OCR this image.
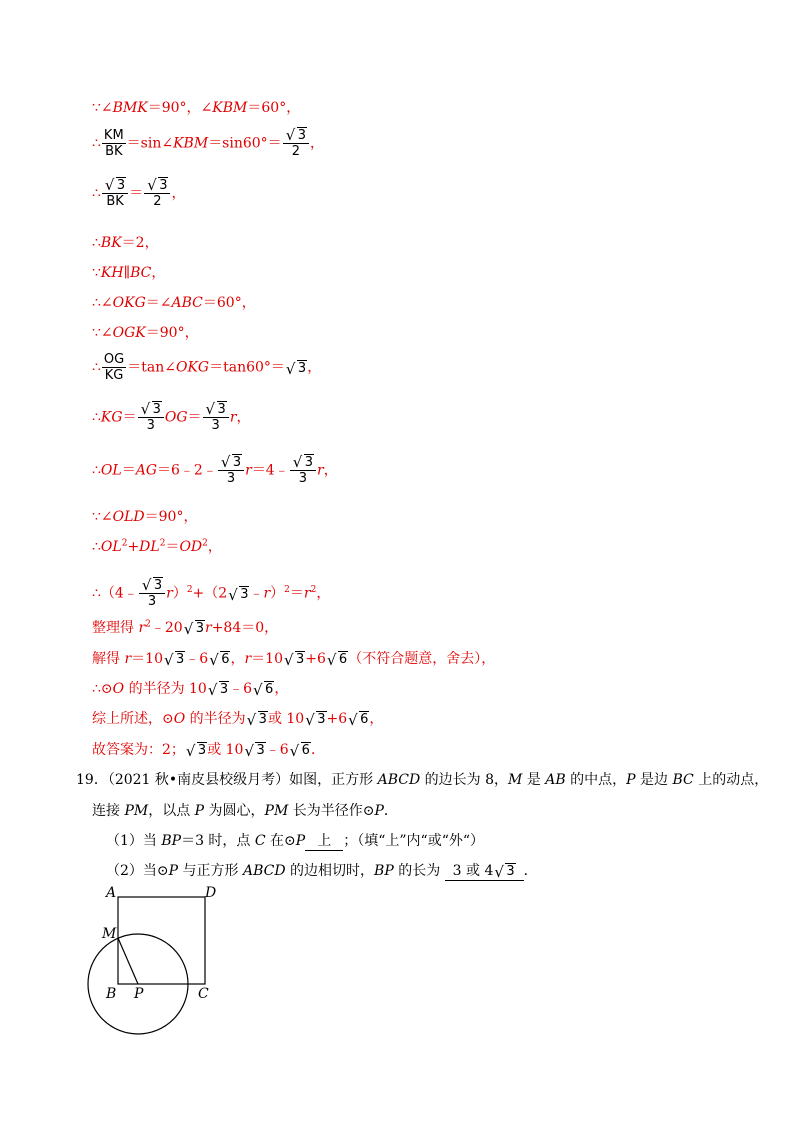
∵∠BMK＝90°，∠KBM＝60°，
∴ $\frac{KM}{BK}$ ＝sin∠KBM＝sin60°＝
√ $\frac{3}{2}$ ，
∴
√ $\frac{3}{BK}$ ＝
√ $\frac{3}{2}$ ，
∴BK＝2，
∵KH∥BC，
∴∠OKG＝∠ABC＝60°，
∵∠OGK＝90°，
∴ $\frac{OG}{KG}$ ＝tan∠OKG＝tan60°＝√ 3，
∴KG＝
√ $\frac{3}{3} OG=$
√ $\frac{3}{3}$ r，
∴OL＝AG＝6﹣2﹣
√ $\frac{3}{3}$ r＝4﹣
√ $\frac{3}{3}$ r，
∵∠OLD＝90°，
$\therefore OL^2+DL^2=OD^2$，
∴（4﹣
√ $\frac{3}{3} r)^2+(2√$ $3﹣r)^2=r^2$，
整理得 $r^2﹣20√$ 3r+84＝0，
解得 r＝10√ 3﹣6√ 6，r＝10√ 3+6√ 6（不符合题意，舍去），
∴⊙O 的半径为 10√ 3﹣6√ 6，
综上所述，⊙O 的半径为√ 3或 10√ 3+6√ 6，
故答案为：2；√ 3或 10√ 3﹣6√ 6．
19．（2021 秋•南皮县校级月考）如图，正方形 ABCD 的边长为 8，M 是 AB 的中点，P 是边 BC 上的动点，
连接 PM，以点 P 为圆心，PM 长为半径作⊙P．
（1）当 BP＝3 时，点 C 在⊙P 上 ；（填“上”内“或“外“）
（2）当⊙P 与正方形 ABCD 的边相切时，BP 的长为 3 或 4√ 3 ．
A	D
M
B P	C
